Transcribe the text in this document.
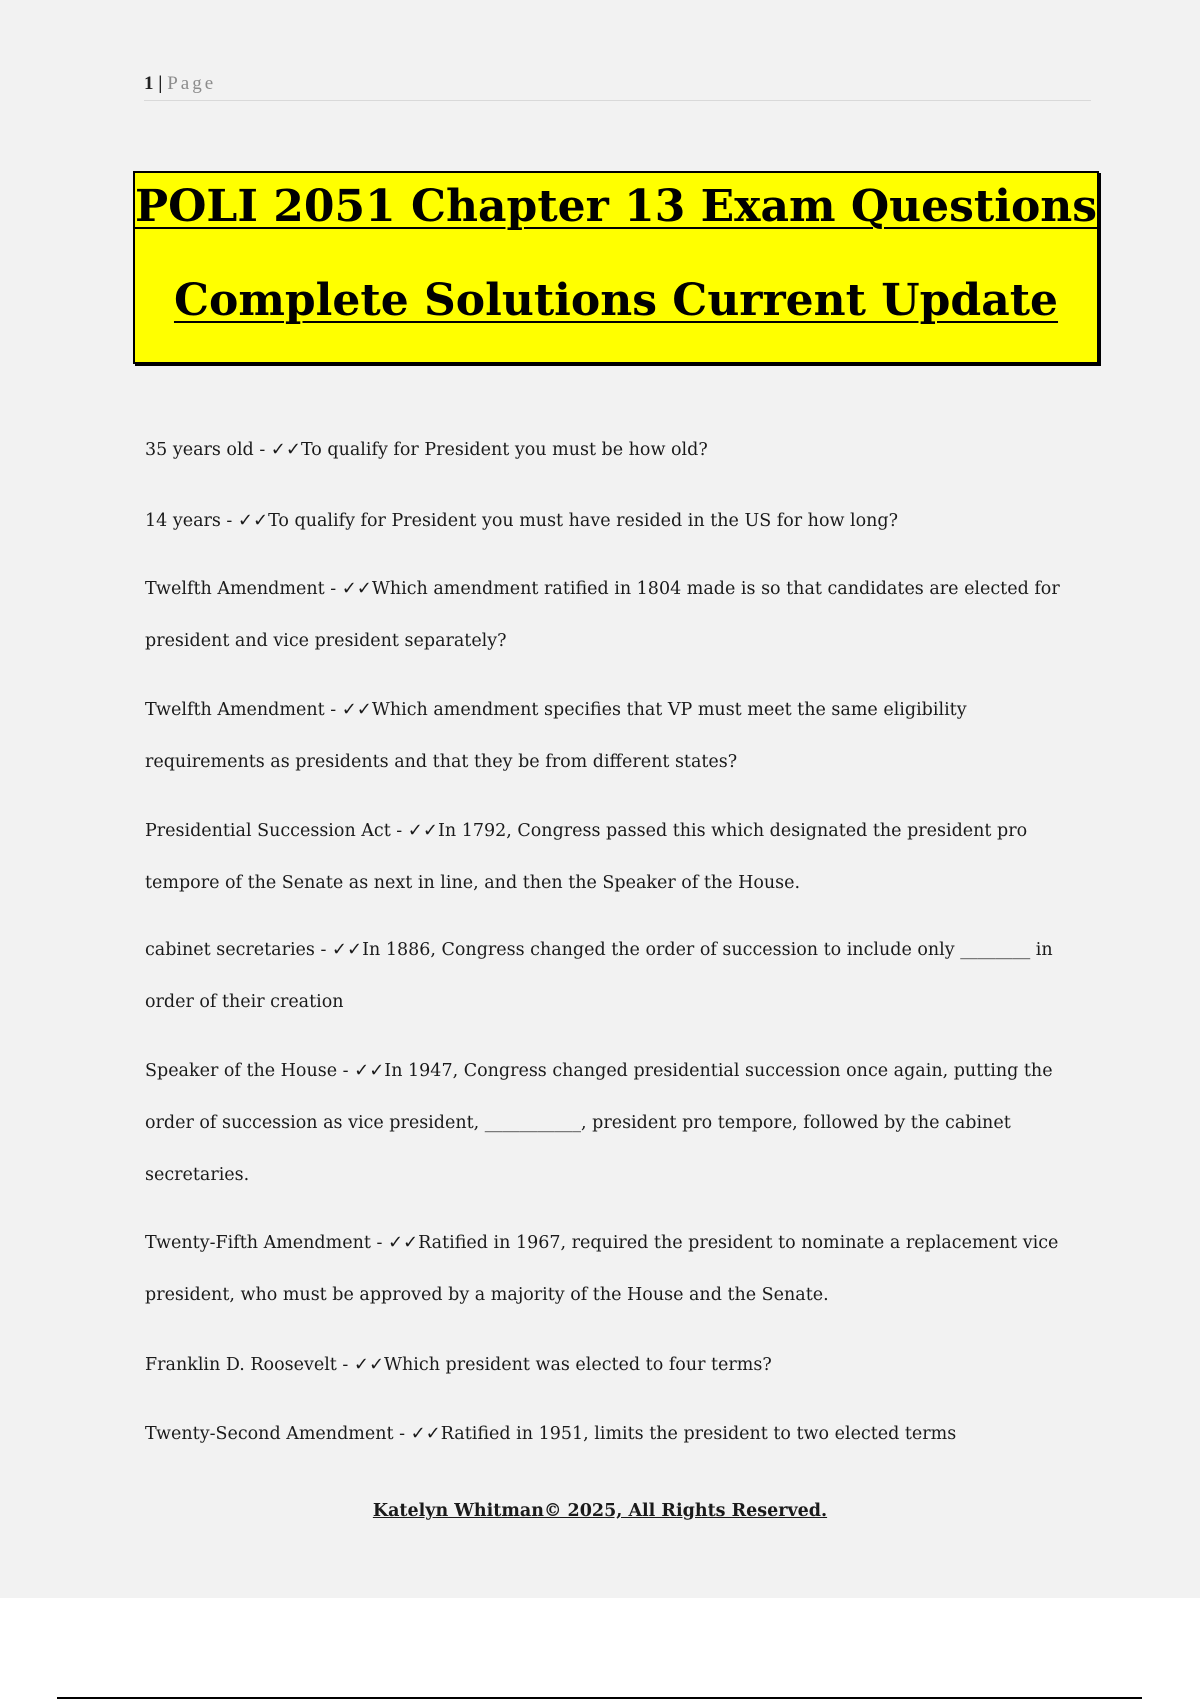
1 | Page
POLI 2051 Chapter 13 Exam Questions
Complete Solutions Current Update

35 years old - ✓✓To qualify for President you must be how old?

14 years - ✓✓To qualify for President you must have resided in the US for how long?

Twelfth Amendment - ✓✓Which amendment ratified in 1804 made is so that candidates are elected for president and vice president separately?

Twelfth Amendment - ✓✓Which amendment specifies that VP must meet the same eligibility requirements as presidents and that they be from different states?

Presidential Succession Act - ✓✓In 1792, Congress passed this which designated the president pro tempore of the Senate as next in line, and then the Speaker of the House.

cabinet secretaries - ✓✓In 1886, Congress changed the order of succession to include only ________ in order of their creation

Speaker of the House - ✓✓In 1947, Congress changed presidential succession once again, putting the order of succession as vice president, ___________, president pro tempore, followed by the cabinet secretaries.

Twenty-Fifth Amendment - ✓✓Ratified in 1967, required the president to nominate a replacement vice president, who must be approved by a majority of the House and the Senate.

Franklin D. Roosevelt - ✓✓Which president was elected to four terms?

Twenty-Second Amendment - ✓✓Ratified in 1951, limits the president to two elected terms

Katelyn Whitman© 2025, All Rights Reserved.
